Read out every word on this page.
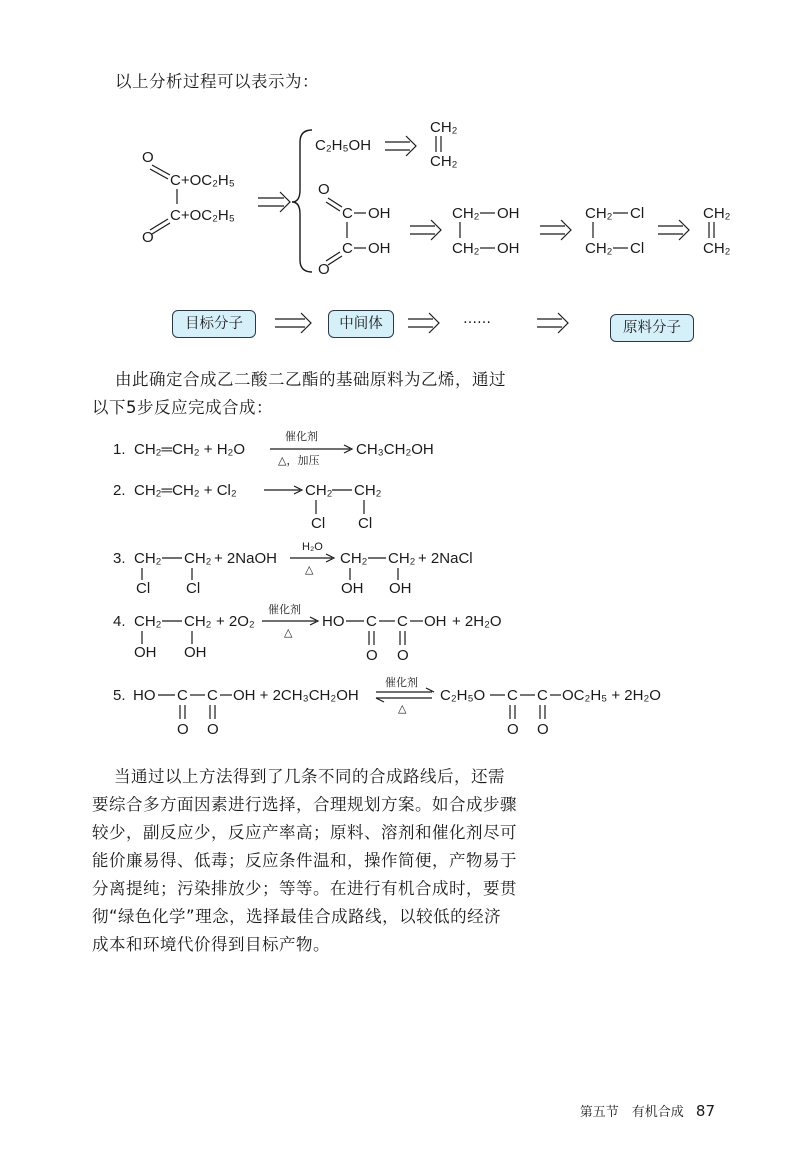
以上分析过程可以表示为：

O
C+OC₂H₅
C+OC₂H₅
O
C₂H₅OH
CH₂
CH₂
O
C OH
C OH
O
CH₂ OH
CH₂ OH
CH₂ Cl
CH₂ Cl
CH₂
CH₂
目标分子	中间体	……
原料分子

由此确定合成乙二酸二乙酯的基础原料为乙烯，通过

以下5步反应完成合成：

1. CH₂═CH₂ + H₂O
催化剂
△，加压
CH₃CH₂OH
2. CH₂═CH₂ + Cl₂	CH₂ CH₂
Cl Cl
3. CH₂ CH₂
Cl Cl
+ 2NaOH
H₂O
△
CH₂ CH₂
OH OH
+ 2NaCl
4. CH₂ CH₂
OH OH
+ 2O₂
催化剂
△
HO C C OH
O O
+ 2H₂O
5. HO C C OH + 2CH₃CH₂OH
O O
催化剂
△
C₂H₅O C C OC₂H₅ + 2H₂O
O O

当通过以上方法得到了几条不同的合成路线后，还需

要综合多方面因素进行选择，合理规划方案。如合成步骤

较少，副反应少，反应产率高；原料、溶剂和催化剂尽可

能价廉易得、低毒；反应条件温和，操作简便，产物易于

分离提纯；污染排放少；等等。在进行有机合成时，要贯

彻“绿色化学”理念，选择最佳合成路线，以较低的经济

成本和环境代价得到目标产物。

第五节　有机合成 87
